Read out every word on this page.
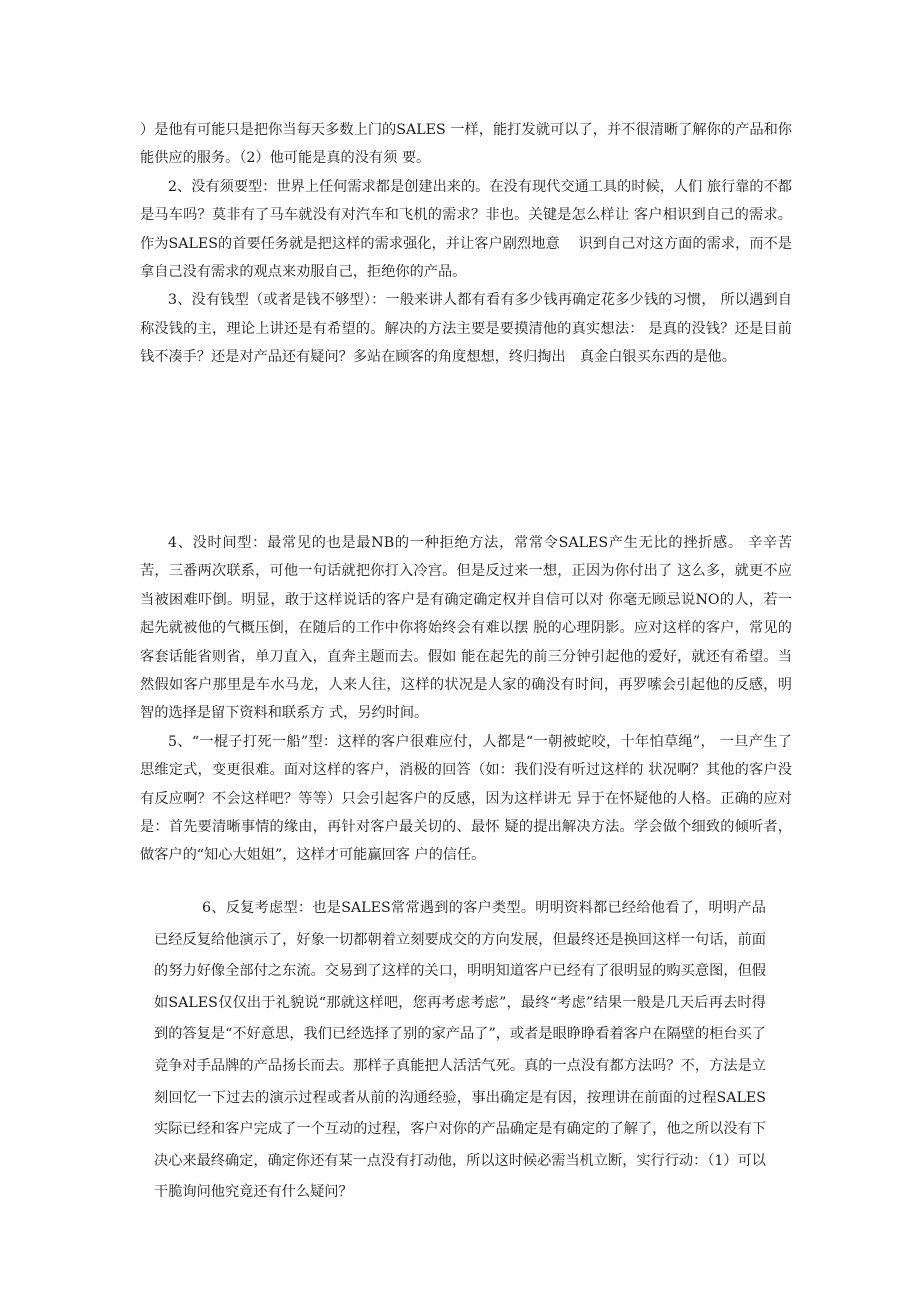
）是他有可能只是把你当每天多数上门的SALES 一样，能打发就可以了，并不很清晰了解你的产品和你能供应的服务。（2）他可能是真的没有须 要。

2、没有须要型：世界上任何需求都是创建出来的。在没有现代交通工具的时候，人们 旅行靠的不都是马车吗？莫非有了马车就没有对汽车和飞机的需求？非也。关键是怎么样让 客户相识到自己的需求。作为SALES的首要任务就是把这样的需求强化，并让客户剧烈地意 　识到自己对这方面的需求，而不是拿自己没有需求的观点来劝服自己，拒绝你的产品。

3、没有钱型（或者是钱不够型）：一般来讲人都有看有多少钱再确定花多少钱的习惯， 所以遇到自称没钱的主，理论上讲还是有希望的。解决的方法主要是要摸清他的真实想法： 是真的没钱？还是目前钱不凑手？还是对产品还有疑问？多站在顾客的角度想想，终归掏出　真金白银买东西的是他。

4、没时间型：最常见的也是最NB的一种拒绝方法，常常令SALES产生无比的挫折感。 辛辛苦苦，三番两次联系，可他一句话就把你打入冷宫。但是反过来一想，正因为你付出了 这么多，就更不应当被困难吓倒。明显，敢于这样说话的客户是有确定确定权并自信可以对 你毫无顾忌说NO的人，若一起先就被他的气概压倒，在随后的工作中你将始终会有难以摆 脱的心理阴影。应对这样的客户，常见的客套话能省则省，单刀直入，直奔主题而去。假如 能在起先的前三分钟引起他的爱好，就还有希望。当然假如客户那里是车水马龙，人来人往，这样的状况是人家的确没有时间，再罗嗦会引起他的反感，明智的选择是留下资料和联系方 式，另约时间。

5、“一棍子打死一船”型：这样的客户很难应付，人都是“一朝被蛇咬，十年怕草绳”， 一旦产生了思维定式，变更很难。面对这样的客户，消极的回答（如：我们没有听过这样的 状况啊？其他的客户没有反应啊？不会这样吧？等等）只会引起客户的反感，因为这样讲无 异于在怀疑他的人格。正确的应对是：首先要清晰事情的缘由，再针对客户最关切的、最怀 疑的提出解决方法。学会做个细致的倾听者，做客户的“知心大姐姐”，这样才可能赢回客 户的信任。

6、反复考虑型：也是SALES常常遇到的客户类型。明明资料都已经给他看了，明明产品已经反复给他演示了，好象一切都朝着立刻要成交的方向发展，但最终还是换回这样一句话，前面的努力好像全部付之东流。交易到了这样的关口，明明知道客户已经有了很明显的购买意图，但假如SALES仅仅出于礼貌说“那就这样吧，您再考虑考虑”，最终“考虑”结果一般是几天后再去时得到的答复是“不好意思，我们已经选择了别的家产品了”，或者是眼睁睁看着客户在隔壁的柜台买了竞争对手品牌的产品扬长而去。那样子真能把人活活气死。真的一点没有都方法吗？不，方法是立刻回忆一下过去的演示过程或者从前的沟通经验，事出确定是有因，按理讲在前面的过程SALES实际已经和客户完成了一个互动的过程，客户对你的产品确定是有确定的了解了，他之所以没有下决心来最终确定，确定你还有某一点没有打动他，所以这时候必需当机立断，实行行动：（1）可以干脆询问他究竟还有什么疑问？
